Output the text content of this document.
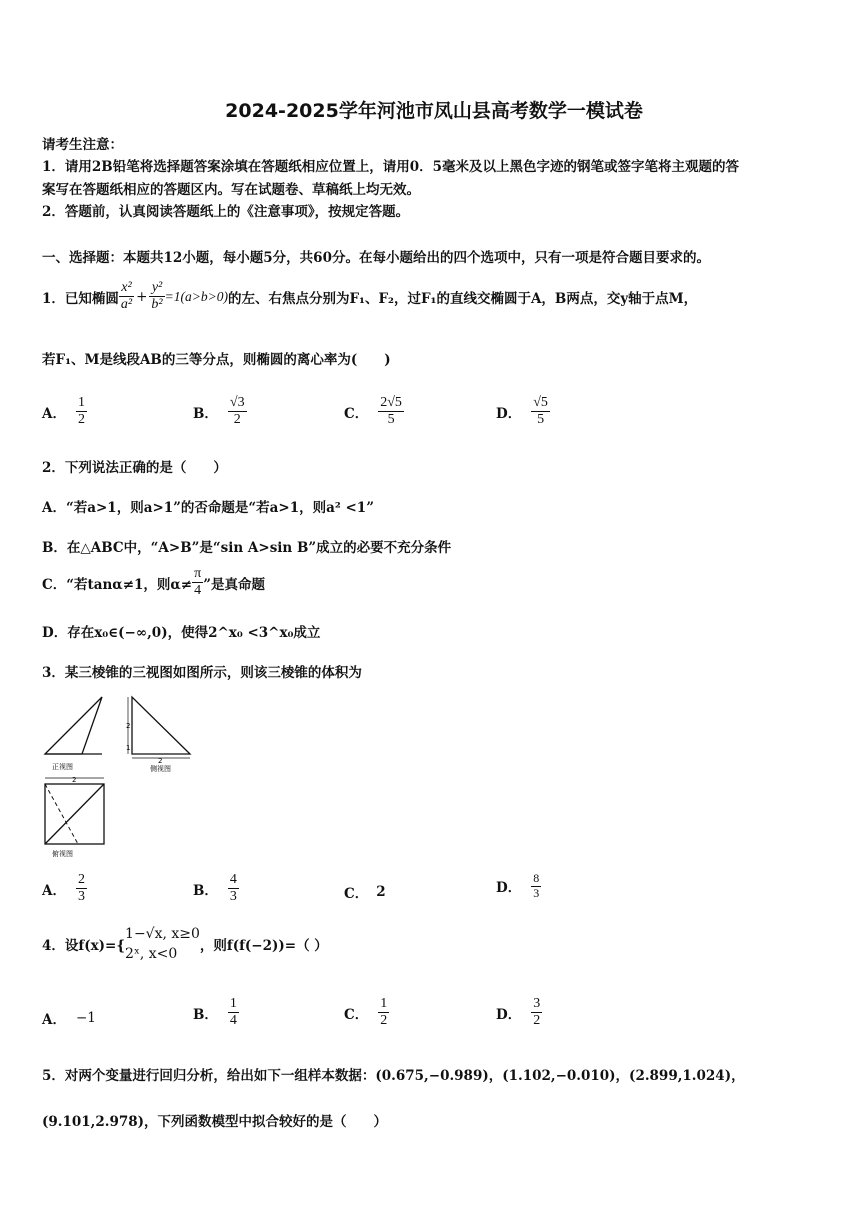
2024-2025学年河池市凤山县高考数学一模试卷
请考生注意：
1．请用2B铅笔将选择题答案涂填在答题纸相应位置上，请用0．5毫米及以上黑色字迹的钢笔或签字笔将主观题的答
案写在答题纸相应的答题区内。写在试题卷、草稿纸上均无效。
2．答题前，认真阅读答题纸上的《注意事项》，按规定答题。
一、选择题：本题共12小题，每小题5分，共60分。在每小题给出的四个选项中，只有一项是符合题目要求的。
1． 已知椭圆 $\frac{\text{x²}}{\text{a²}} + \frac{\text{y²}}{\text{b²}} =1(a>b>0)$ 的左、右焦点分别为F₁、F₂，过F₁的直线交椭圆于A，B两点，交y轴于点M，
若F₁、M是线段AB的三等分点，则椭圆的离心率为(　　)
A． $\frac{1}{2}$	B． $\frac{√3}{2}$	C． $\frac{2√5}{5}$	D． $\frac{√5}{5}$
2．下列说法正确的是（　　）
A．“若a>1，则a>1”的否命题是“若a>1，则a² <1”
B．在△ABC中，“A>B”是“sin A>sin B”成立的必要不充分条件
C．“若tanα≠1，则$\alpha\ne \frac{\pi}{4}$ ”是真命题
D．存在x₀∈(−∞,0)，使得2^x₀ <3^x₀成立
3．某三棱锥的三视图如图所示，则该三棱锥的体积为
正视图
2
1
2
侧视图
2
俯视图
A． $\frac{2}{3}$	B． $\frac{4}{3}$	C． 2	D． $\frac{8}{3}$
4．设f(x)={
1−√x, x≥0
2ˣ, x<0	，则f(f(−2))=（ ）
A． −1	B． $\frac{1}{4}$	C． $\frac{1}{2}$	D． $\frac{3}{2}$
5．对两个变量进行回归分析，给出如下一组样本数据：(0.675,−0.989)，(1.102,−0.010)，(2.899,1.024)，
(9.101,2.978)，下列函数模型中拟合较好的是（　　）
